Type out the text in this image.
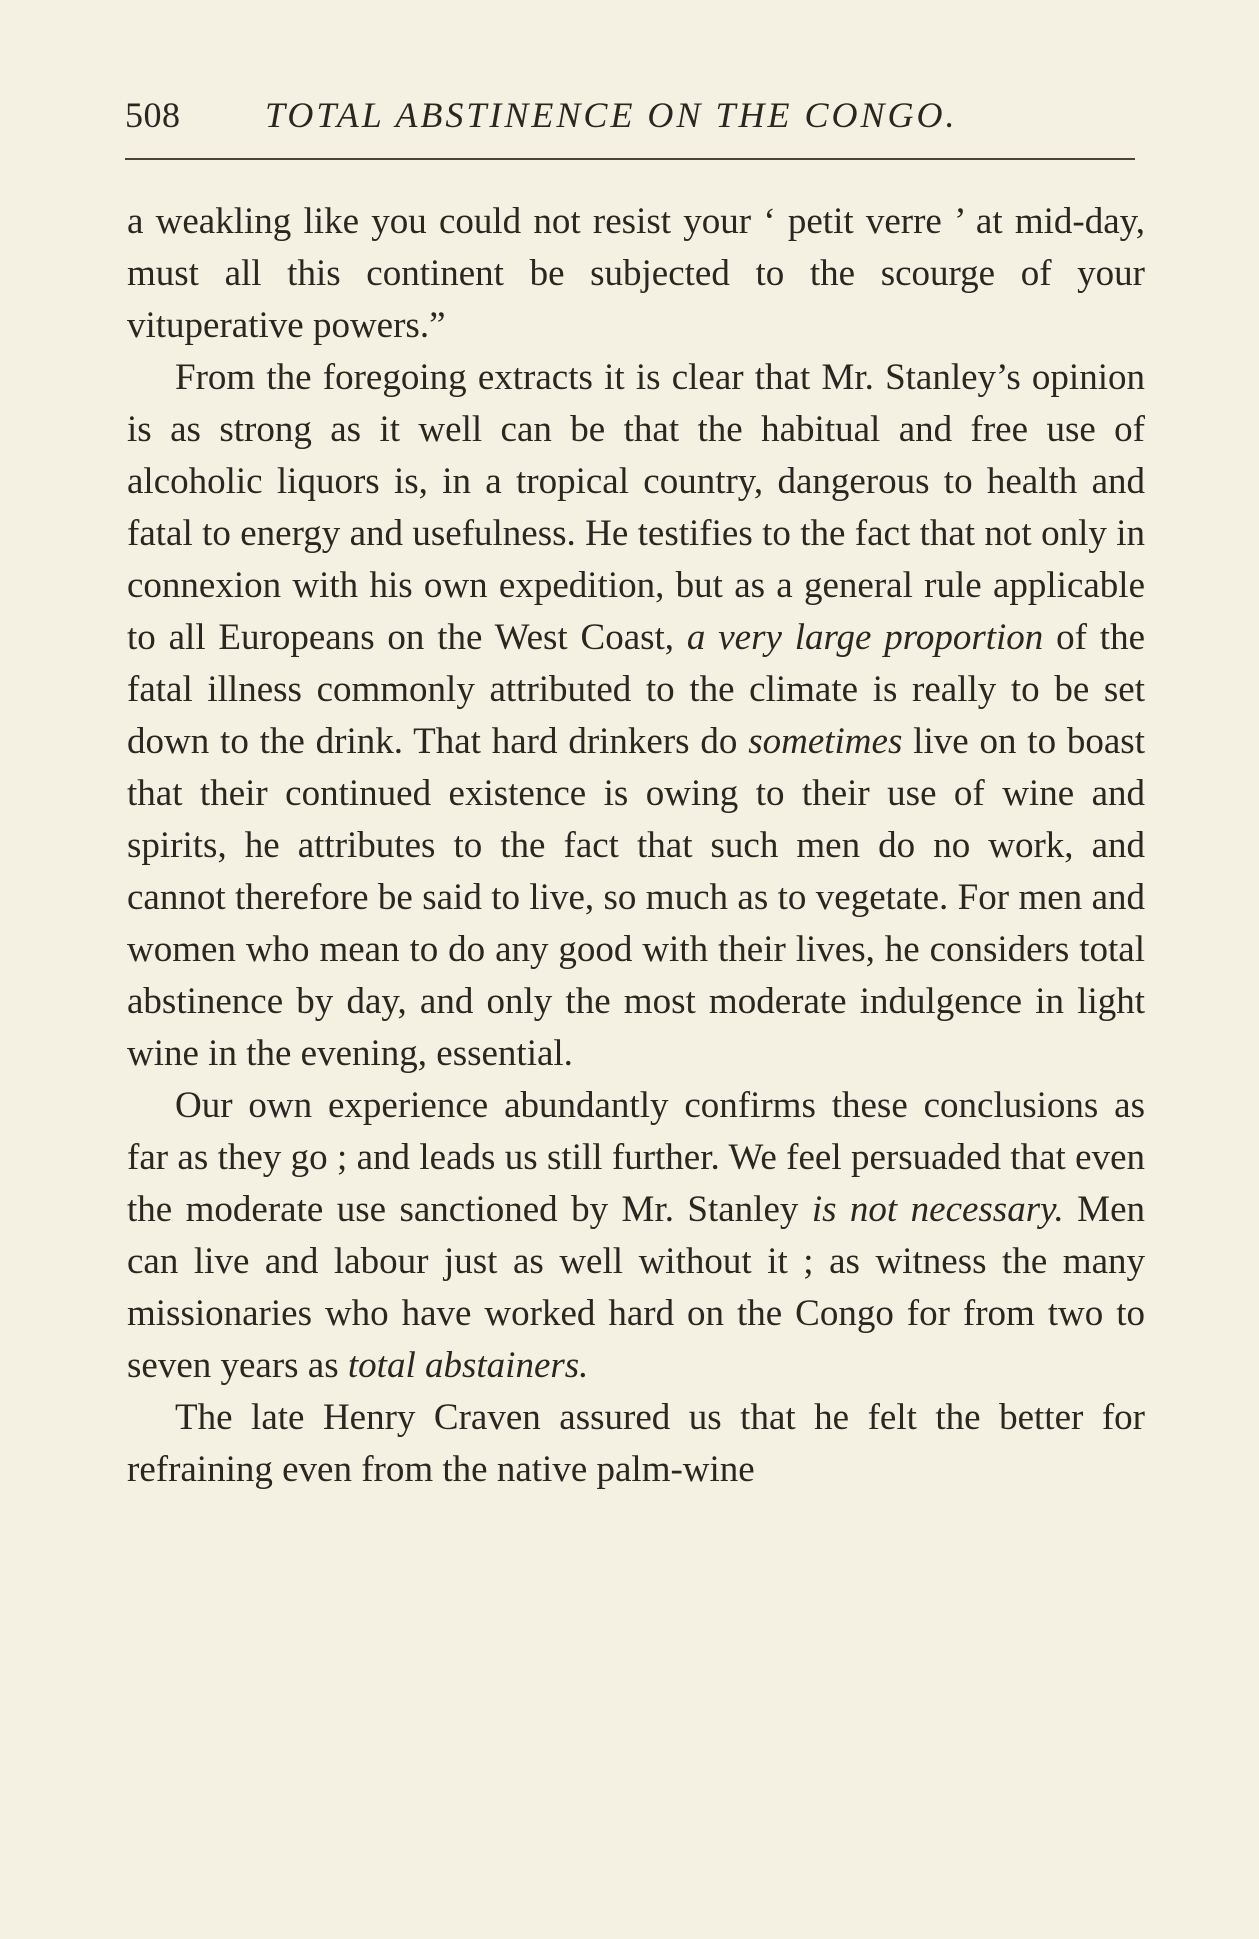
508 TOTAL ABSTINENCE ON THE CONGO.

a weakling like you could not resist your ‘ petit verre ’ at mid-day, must all this continent be subjected to the scourge of your vituperative powers.”

From the foregoing extracts it is clear that Mr. Stanley’s opinion is as strong as it well can be that the habitual and free use of alcoholic liquors is, in a tropical country, dangerous to health and fatal to energy and usefulness. He testifies to the fact that not only in connexion with his own expedition, but as a general rule applicable to all Europeans on the West Coast, a very large proportion of the fatal illness commonly attributed to the climate is really to be set down to the drink. That hard drinkers do sometimes live on to boast that their continued existence is owing to their use of wine and spirits, he attributes to the fact that such men do no work, and cannot therefore be said to live, so much as to vegetate. For men and women who mean to do any good with their lives, he considers total abstinence by day, and only the most moderate indulgence in light wine in the evening, essential.

Our own experience abundantly confirms these conclusions as far as they go ; and leads us still further. We feel persuaded that even the moderate use sanctioned by Mr. Stanley is not necessary. Men can live and labour just as well without it ; as witness the many missionaries who have worked hard on the Congo for from two to seven years as total abstainers.

The late Henry Craven assured us that he felt the better for refraining even from the native palm-wine
